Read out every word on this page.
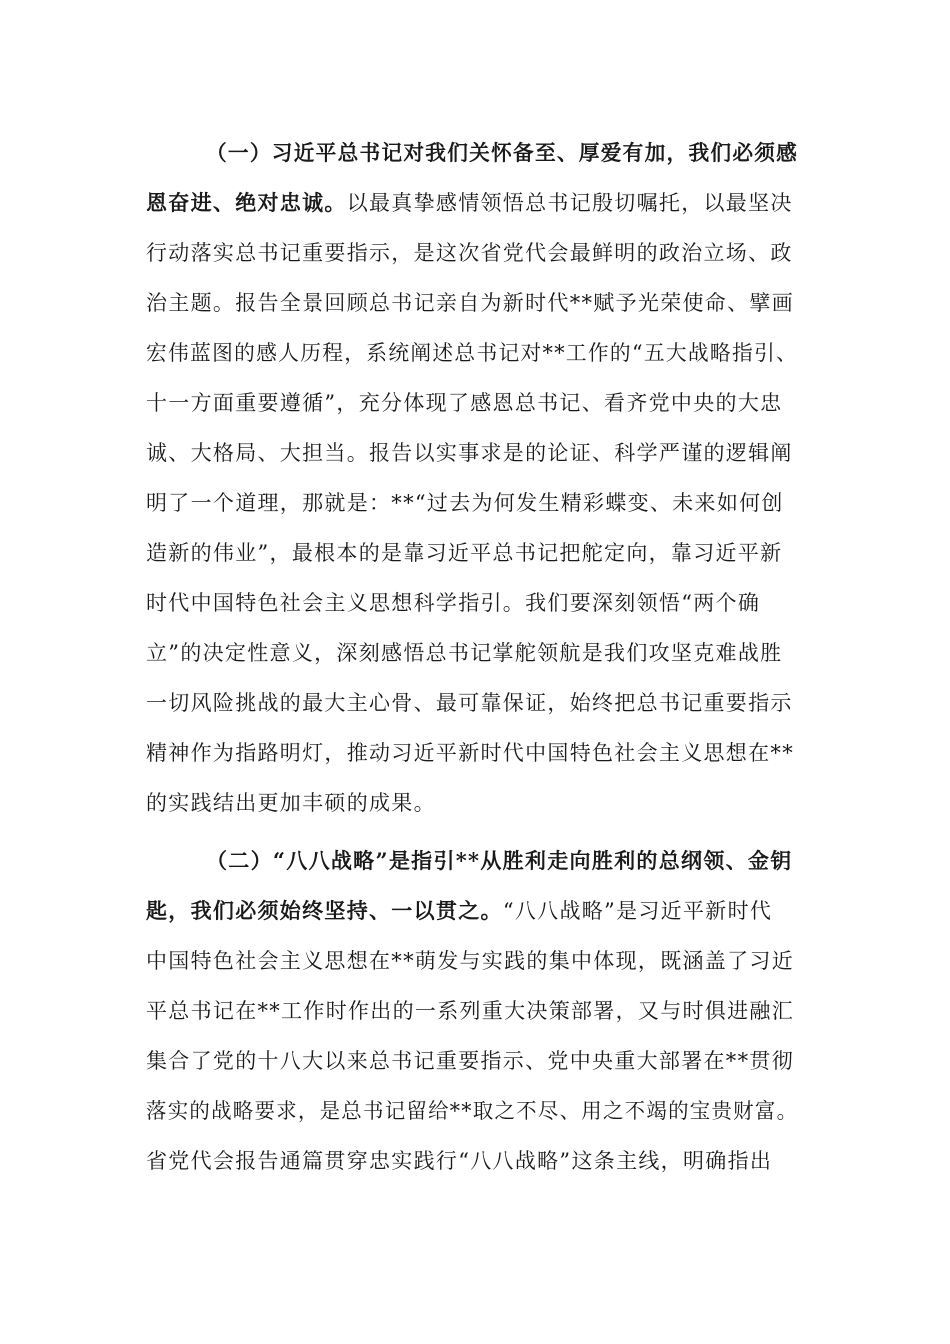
（一）习近平总书记对我们关怀备至、厚爱有加，我们必须感
恩奋进、绝对忠诚。以最真挚感情领悟总书记殷切嘱托，以最坚决
行动落实总书记重要指示，是这次省党代会最鲜明的政治立场、政
治主题。报告全景回顾总书记亲自为新时代**赋予光荣使命、擘画
宏伟蓝图的感人历程，系统阐述总书记对**工作的“五大战略指引、
十一方面重要遵循”，充分体现了感恩总书记、看齐党中央的大忠
诚、大格局、大担当。报告以实事求是的论证、科学严谨的逻辑阐
明了一个道理，那就是：**“过去为何发生精彩蝶变、未来如何创
造新的伟业”，最根本的是靠习近平总书记把舵定向，靠习近平新
时代中国特色社会主义思想科学指引。我们要深刻领悟“两个确
立”的决定性意义，深刻感悟总书记掌舵领航是我们攻坚克难战胜
一切风险挑战的最大主心骨、最可靠保证，始终把总书记重要指示
精神作为指路明灯，推动习近平新时代中国特色社会主义思想在**
的实践结出更加丰硕的成果。
（二）“八八战略”是指引**从胜利走向胜利的总纲领、金钥
匙，我们必须始终坚持、一以贯之。“八八战略”是习近平新时代
中国特色社会主义思想在**萌发与实践的集中体现，既涵盖了习近
平总书记在**工作时作出的一系列重大决策部署，又与时俱进融汇
集合了党的十八大以来总书记重要指示、党中央重大部署在**贯彻
落实的战略要求，是总书记留给**取之不尽、用之不竭的宝贵财富。
省党代会报告通篇贯穿忠实践行“八八战略”这条主线，明确指出
